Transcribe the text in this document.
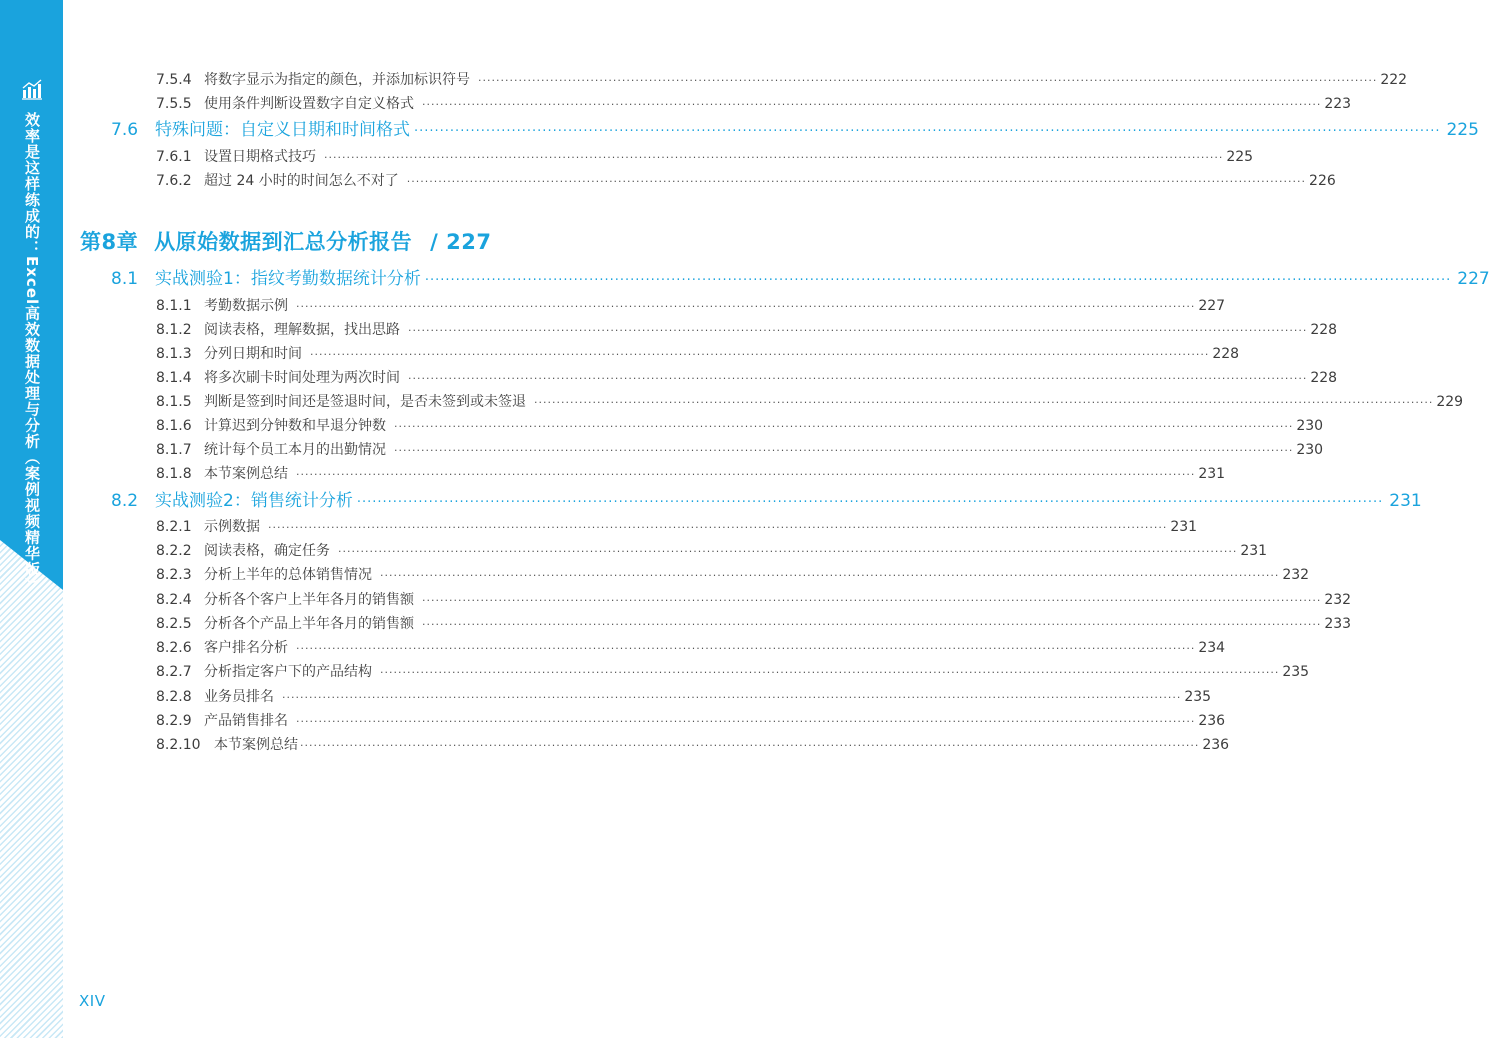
效率是这样练成的：Excel高效数据处理与分析（案例视频精华版）
7.5.4 将数字显示为指定的颜色，并添加标识符号 ········································································································································································································ 222
7.5.5 使用条件判断设置数字自定义格式 ········································································································································································································ 223
7.6 特殊问题：自定义日期和时间格式 ········································································································································································································ 225
7.6.1 设置日期格式技巧 ········································································································································································································ 225
7.6.2 超过 24 小时的时间怎么不对了 ········································································································································································································ 226
第8章 从原始数据到汇总分析报告 / 227
8.1 实战测验1：指纹考勤数据统计分析 ········································································································································································································ 227
8.1.1 考勤数据示例 ········································································································································································································ 227
8.1.2 阅读表格，理解数据，找出思路 ········································································································································································································ 228
8.1.3 分列日期和时间 ········································································································································································································ 228
8.1.4 将多次刷卡时间处理为两次时间 ········································································································································································································ 228
8.1.5 判断是签到时间还是签退时间，是否未签到或未签退 ········································································································································································································ 229
8.1.6 计算迟到分钟数和早退分钟数 ········································································································································································································ 230
8.1.7 统计每个员工本月的出勤情况 ········································································································································································································ 230
8.1.8 本节案例总结 ········································································································································································································ 231
8.2 实战测验2：销售统计分析 ········································································································································································································ 231
8.2.1 示例数据 ········································································································································································································ 231
8.2.2 阅读表格，确定任务 ········································································································································································································ 231
8.2.3 分析上半年的总体销售情况 ········································································································································································································ 232
8.2.4 分析各个客户上半年各月的销售额 ········································································································································································································ 232
8.2.5 分析各个产品上半年各月的销售额 ········································································································································································································ 233
8.2.6 客户排名分析 ········································································································································································································ 234
8.2.7 分析指定客户下的产品结构 ········································································································································································································ 235
8.2.8 业务员排名 ········································································································································································································ 235
8.2.9 产品销售排名 ········································································································································································································ 236
8.2.10 本节案例总结 ········································································································································································································ 236
XIV
